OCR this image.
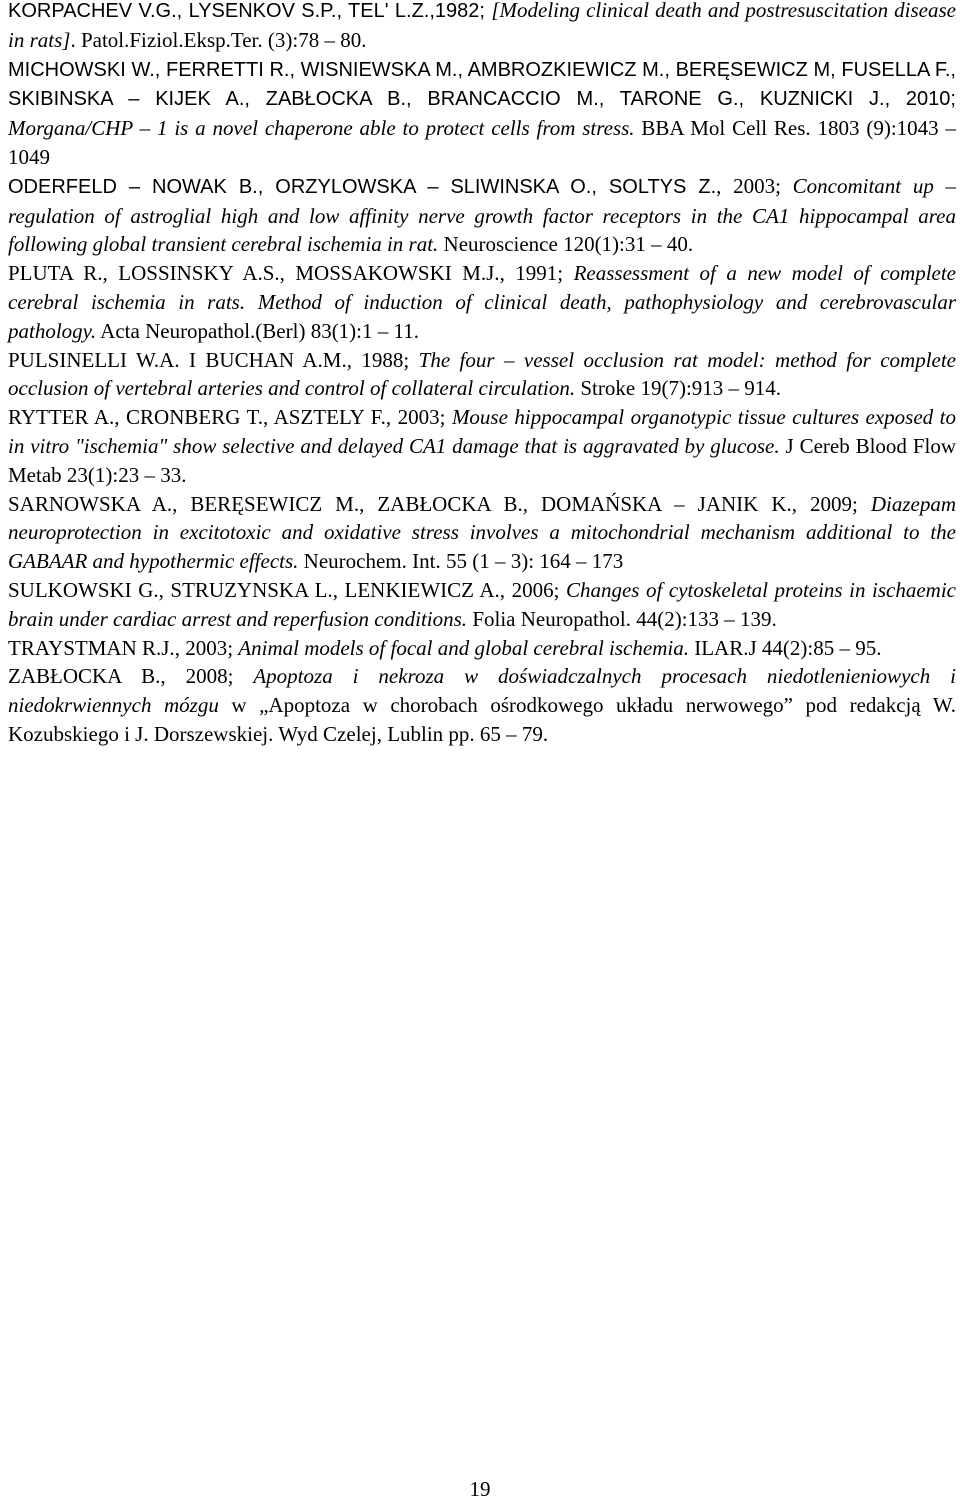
KORPACHEV V.G., LYSENKOV S.P., TEL' L.Z.,1982; [Modeling clinical death and postresuscitation disease in rats]. Patol.Fiziol.Eksp.Ter. (3):78 – 80.

MICHOWSKI W., FERRETTI R., WISNIEWSKA M., AMBROZKIEWICZ M., BERĘSEWICZ M, FUSELLA F., SKIBINSKA – KIJEK A., ZABŁOCKA B., BRANCACCIO M., TARONE G., KUZNICKI J., 2010; Morgana/CHP – 1 is a novel chaperone able to protect cells from stress. BBA Mol Cell Res. 1803 (9):1043 – 1049

ODERFELD – NOWAK B., ORZYLOWSKA – SLIWINSKA O., SOLTYS Z., 2003; Concomitant up – regulation of astroglial high and low affinity nerve growth factor receptors in the CA1 hippocampal area following global transient cerebral ischemia in rat. Neuroscience 120(1):31 – 40.

PLUTA R., LOSSINSKY A.S., MOSSAKOWSKI M.J., 1991; Reassessment of a new model of complete cerebral ischemia in rats. Method of induction of clinical death, pathophysiology and cerebrovascular pathology. Acta Neuropathol.(Berl) 83(1):1 – 11.

PULSINELLI W.A. I BUCHAN A.M., 1988; The four – vessel occlusion rat model: method for complete occlusion of vertebral arteries and control of collateral circulation. Stroke 19(7):913 – 914.

RYTTER A., CRONBERG T., ASZTELY F., 2003; Mouse hippocampal organotypic tissue cultures exposed to in vitro "ischemia" show selective and delayed CA1 damage that is aggravated by glucose. J Cereb Blood Flow Metab 23(1):23 – 33.

SARNOWSKA A., BERĘSEWICZ M., ZABŁOCKA B., DOMAŃSKA – JANIK K., 2009; Diazepam neuroprotection in excitotoxic and oxidative stress involves a mitochondrial mechanism additional to the GABAAR and hypothermic effects. Neurochem. Int. 55 (1 – 3): 164 – 173

SULKOWSKI G., STRUZYNSKA L., LENKIEWICZ A., 2006; Changes of cytoskeletal proteins in ischaemic brain under cardiac arrest and reperfusion conditions. Folia Neuropathol. 44(2):133 – 139.

TRAYSTMAN R.J., 2003; Animal models of focal and global cerebral ischemia. ILAR.J 44(2):85 – 95.

ZABŁOCKA B., 2008; Apoptoza i nekroza w doświadczalnych procesach niedotlenieniowych i niedokrwiennych mózgu w „Apoptoza w chorobach ośrodkowego układu nerwowego” pod redakcją W. Kozubskiego i J. Dorszewskiej. Wyd Czelej, Lublin pp. 65 – 79.

19
